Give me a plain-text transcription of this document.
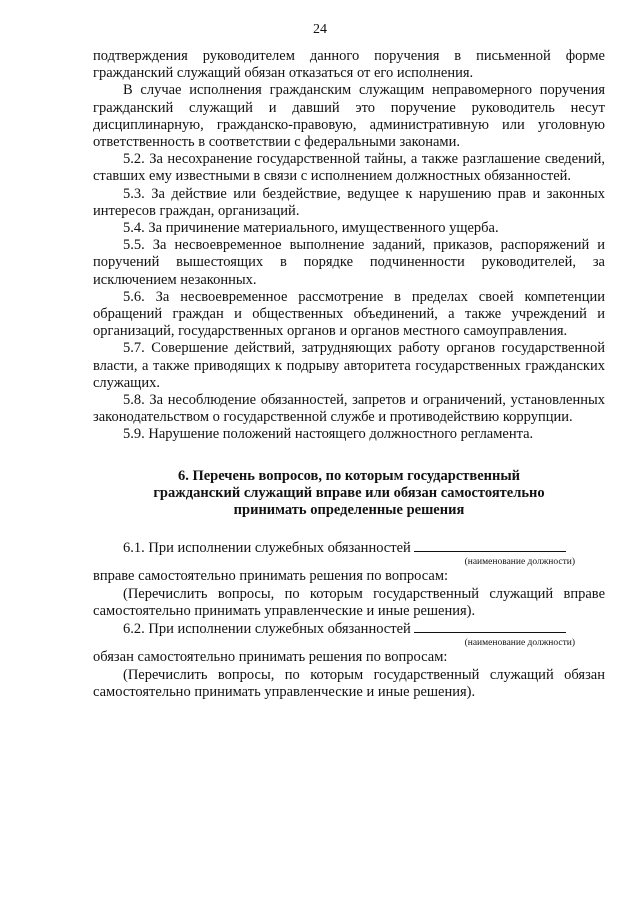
24

подтверждения руководителем данного поручения в письменной форме гражданский служащий обязан отказаться от его исполнения.

В случае исполнения гражданским служащим неправомерного поручения гражданский служащий и давший это поручение руководитель несут дисциплинарную, гражданско-правовую, административную или уголовную ответственность в соответствии с федеральными законами.

5.2. За несохранение государственной тайны, а также разглашение сведений, ставших ему известными в связи с исполнением должностных обязанностей.

5.3. За действие или бездействие, ведущее к нарушению прав и законных интересов граждан, организаций.

5.4. За причинение материального, имущественного ущерба.

5.5. За несвоевременное выполнение заданий, приказов, распоряжений и поручений вышестоящих в порядке подчиненности руководителей, за исключением незаконных.

5.6. За несвоевременное рассмотрение в пределах своей компетенции обращений граждан и общественных объединений, а также учреждений и организаций, государственных органов и органов местного самоуправления.

5.7. Совершение действий, затрудняющих работу органов государственной власти, а также приводящих к подрыву авторитета государственных гражданских служащих.

5.8. За несоблюдение обязанностей, запретов и ограничений, установленных законодательством о государственной службе и противодействию коррупции.

5.9. Нарушение положений настоящего должностного регламента.

6. Перечень вопросов, по которым государственный

гражданский служащий вправе или обязан самостоятельно

принимать определенные решения

6.1. При исполнении служебных обязанностей

(наименование должности)

вправе самостоятельно принимать решения по вопросам:

(Перечислить вопросы, по которым государственный служащий вправе самостоятельно принимать управленческие и иные решения).

6.2. При исполнении служебных обязанностей

(наименование должности)

обязан самостоятельно принимать решения по вопросам:

(Перечислить вопросы, по которым государственный служащий обязан самостоятельно принимать управленческие и иные решения).
